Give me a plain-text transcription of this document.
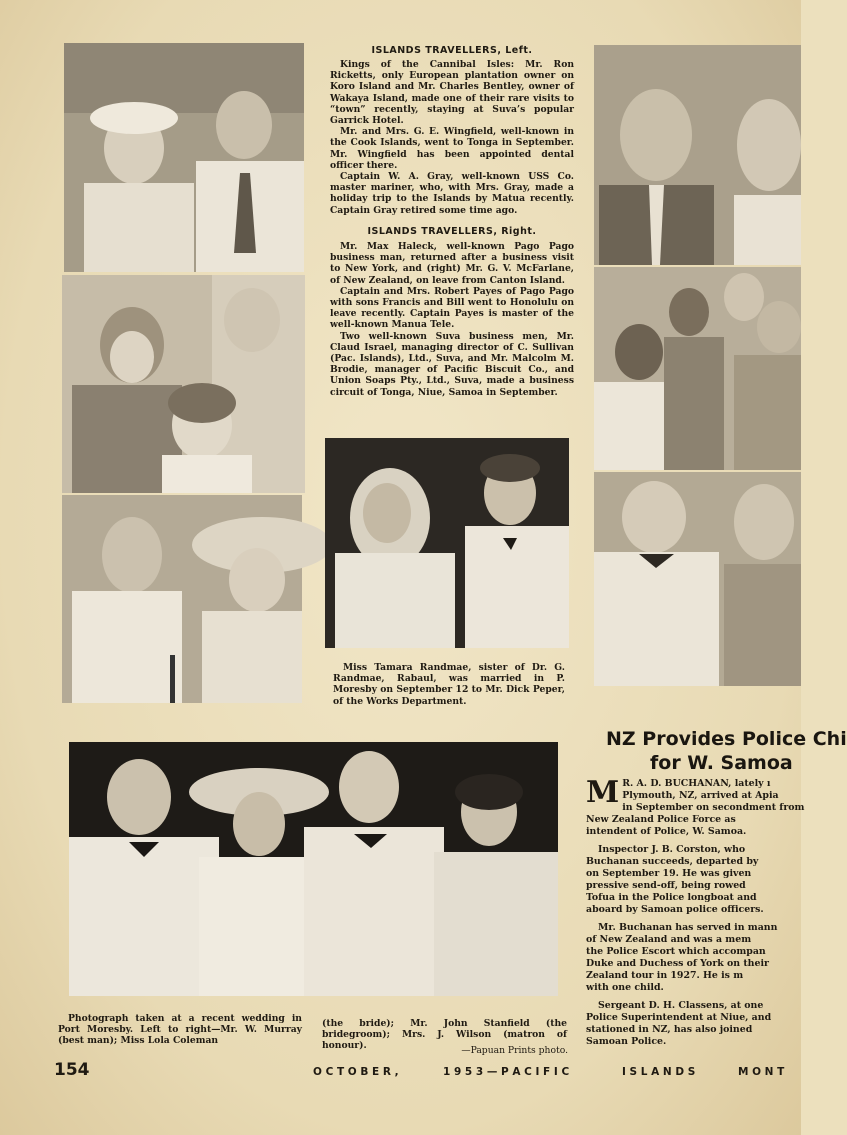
ISLANDS TRAVELLERS, Left.

Kings of the Cannibal Isles: Mr. Ron Ricketts, only European plantation owner on Koro Island and Mr. Charles Bentley, owner of Wakaya Island, made one of their rare visits to “town” recently, staying at Suva’s popular Garrick Hotel.

Mr. and Mrs. G. E. Wingfield, well-known in the Cook Islands, went to Tonga in September. Mr. Wingfield has been appointed dental officer there.

Captain W. A. Gray, well-known USS Co. master mariner, who, with Mrs. Gray, made a holiday trip to the Islands by Matua recently. Captain Gray retired some time ago.

ISLANDS TRAVELLERS, Right.

Mr. Max Haleck, well-known Pago Pago business man, returned after a business visit to New York, and (right) Mr. G. V. McFarlane, of New Zealand, on leave from Canton Island.

Captain and Mrs. Robert Payes of Pago Pago with sons Francis and Bill went to Honolulu on leave recently. Captain Payes is master of the well-known Manua Tele.

Two well-known Suva business men, Mr. Claud Israel, managing director of C. Sullivan (Pac. Islands), Ltd., Suva, and Mr. Malcolm M. Brodie, manager of Pacific Biscuit Co., and Union Soaps Pty., Ltd., Suva, made a business circuit of Tonga, Niue, Samoa in September.

Miss Tamara Randmae, sister of Dr. G. Randmae, Rabaul, was married in P. Moresby on September 12 to Mr. Dick Peper, of the Works Department.
Photograph taken at a recent wedding in Port Moresby. Left to right—Mr. W. Murray (best man); Miss Lola Coleman
(the bride); Mr. John Stanfield (the bridegroom); Mrs. J. Wilson (matron of honour).	—Papuan Prints photo.
NZ Provides Police Chi
for W. Samoa

M R. A. D. BUCHANAN, lately ı
Plymouth, NZ, arrived at Apia
in September on secondment from
New Zealand Police Force as
intendent of Police, W. Samoa.

Inspector J. B. Corston, who
Buchanan succeeds, departed by
on September 19. He was given
pressive send-off, being rowed
Tofua in the Police longboat and
aboard by Samoan police officers.

Mr. Buchanan has served in mann
of New Zealand and was a mem
the Police Escort which accompan
Duke and Duchess of York on their
Zealand tour in 1927. He is m
with one child.

Sergeant D. H. Classens, at one
Police Superintendent at Niue, and
stationed in NZ, has also joined
Samoan Police.

154	O C T O B E R ,	1 9 5 3 — P A C I F I C	I S L A N D S	M O N T
